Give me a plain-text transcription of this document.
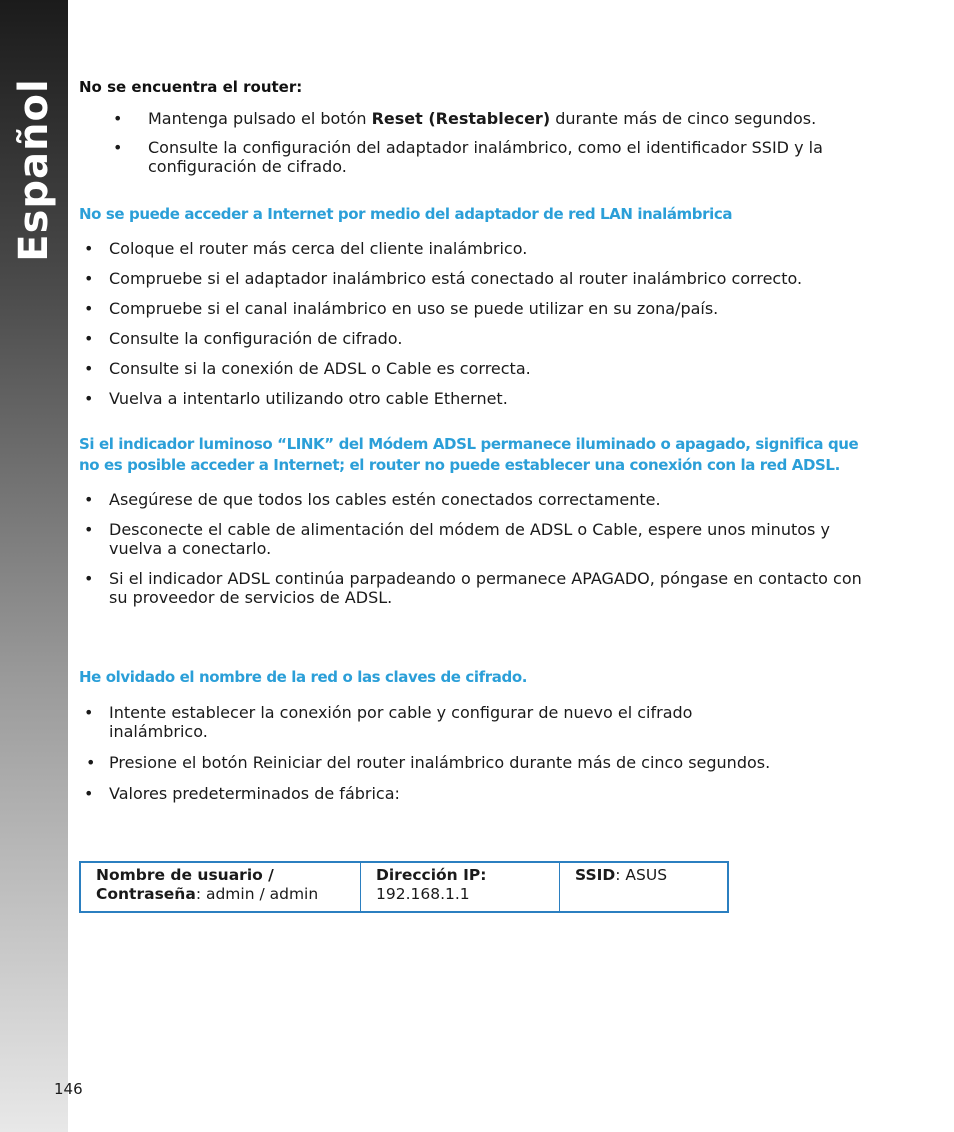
Español No se encuentra el router:
• Mantenga pulsado el botón Reset (Restablecer) durante más de cinco segundos.
• Consulte la configuración del adaptador inalámbrico, como el identificador SSID y la configuración de cifrado.
No se puede acceder a Internet por medio del adaptador de red LAN inalámbrica
• Coloque el router más cerca del cliente inalámbrico.
• Compruebe si el adaptador inalámbrico está conectado al router inalámbrico correcto.
• Compruebe si el canal inalámbrico en uso se puede utilizar en su zona/país.
• Consulte la configuración de cifrado.
• Consulte si la conexión de ADSL o Cable es correcta.
• Vuelva a intentarlo utilizando otro cable Ethernet.
Si el indicador luminoso “LINK” del Módem ADSL permanece iluminado o apagado, significa que
no es posible acceder a Internet; el router no puede establecer una conexión con la red ADSL.
• Asegúrese de que todos los cables estén conectados correctamente.
• Desconecte el cable de alimentación del módem de ADSL o Cable, espere unos minutos y vuelva a conectarlo.
• Si el indicador ADSL continúa parpadeando o permanece APAGADO, póngase en contacto con su proveedor de servicios de ADSL.
He olvidado el nombre de la red o las claves de cifrado.
• Intente establecer la conexión por cable y configurar de nuevo el cifrado inalámbrico.
• Presione el botón Reiniciar del router inalámbrico durante más de cinco segundos.
• Valores predeterminados de fábrica:
Nombre de usuario / Contraseña: admin / admin
Dirección IP:
192.168.1.1
SSID: ASUS
146
